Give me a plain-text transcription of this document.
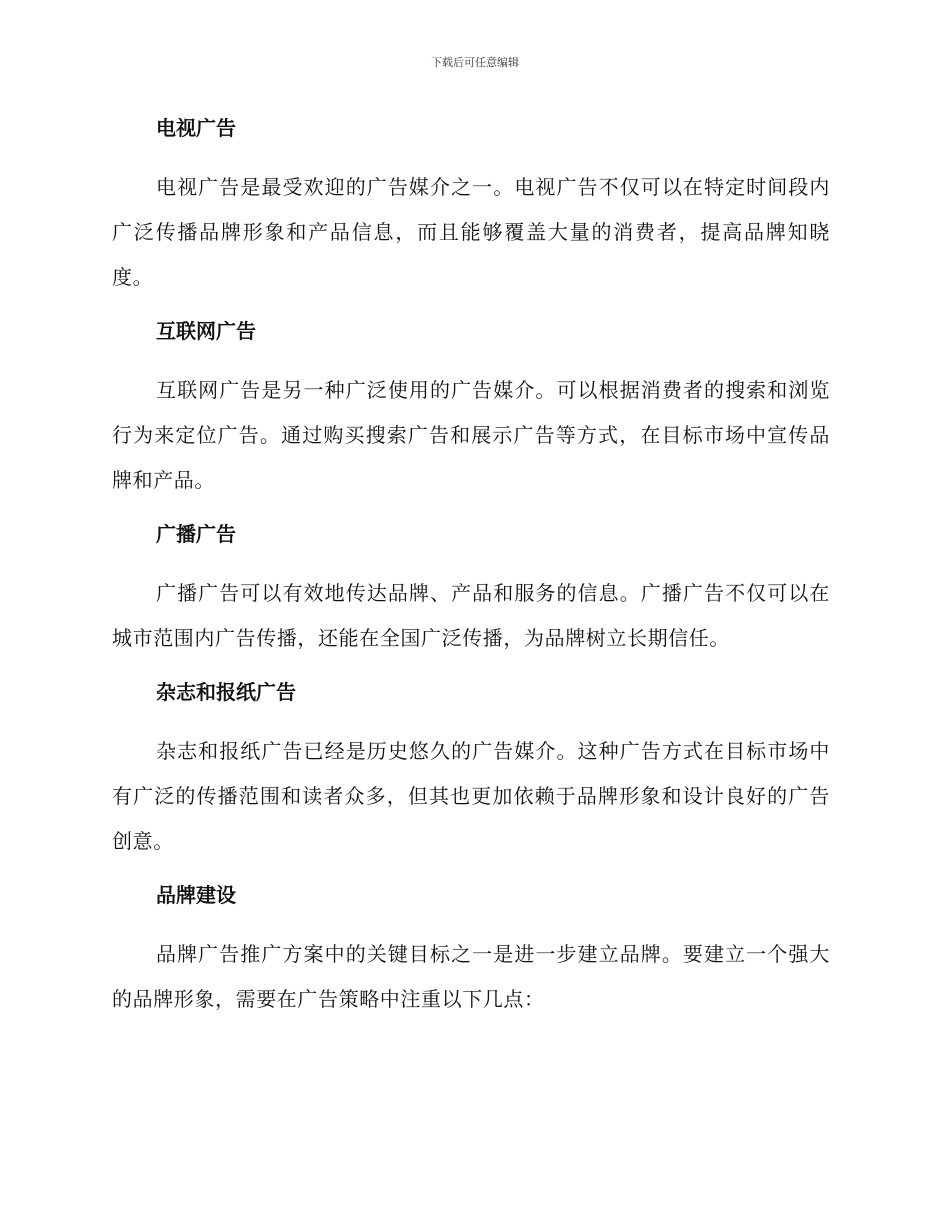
下载后可任意编辑
电视广告

电视广告是最受欢迎的广告媒介之一。电视广告不仅可以在特定时间段内广泛传播品牌形象和产品信息，而且能够覆盖大量的消费者，提高品牌知晓度。

互联网广告

互联网广告是另一种广泛使用的广告媒介。可以根据消费者的搜索和浏览行为来定位广告。通过购买搜索广告和展示广告等方式，在目标市场中宣传品牌和产品。

广播广告

广播广告可以有效地传达品牌、产品和服务的信息。广播广告不仅可以在城市范围内广告传播，还能在全国广泛传播，为品牌树立长期信任。

杂志和报纸广告

杂志和报纸广告已经是历史悠久的广告媒介。这种广告方式在目标市场中有广泛的传播范围和读者众多，但其也更加依赖于品牌形象和设计良好的广告创意。

品牌建设

品牌广告推广方案中的关键目标之一是进一步建立品牌。要建立一个强大的品牌形象，需要在广告策略中注重以下几点：
